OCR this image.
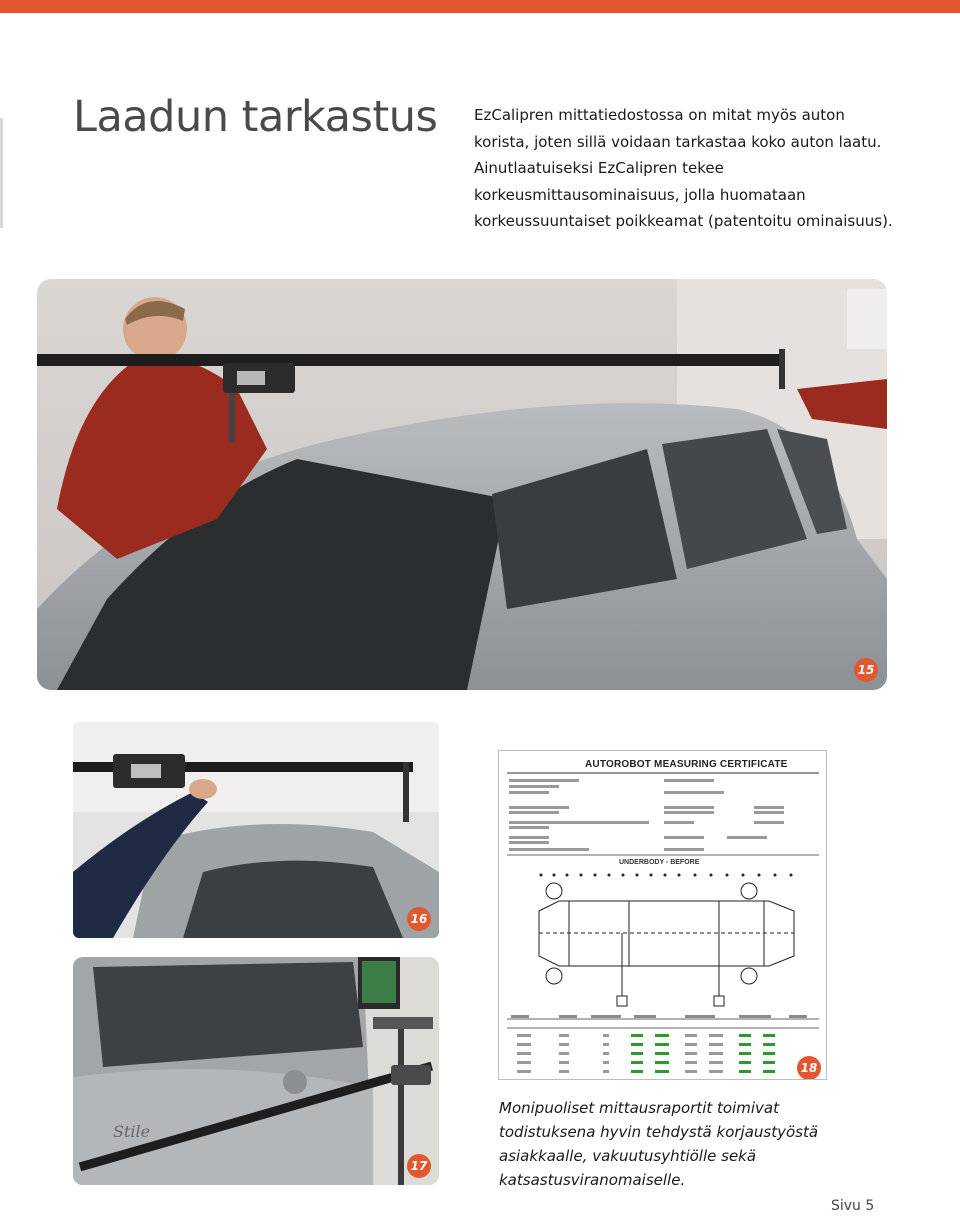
Laadun tarkastus EzCalipren mittatiedostossa on mitat myös auton korista, joten sillä voidaan tarkastaa koko auton laatu. Ainutlaatuiseksi EzCalipren tekee korkeusmittausominaisuus, jolla huomataan korkeussuuntaiset poikkeamat (patentoitu ominaisuus).

15
16
Stile
17
AUTOROBOT MEASURING CERTIFICATE
UNDERBODY - BEFORE
18

Monipuoliset mittausraportit toimivat todistuksena hyvin tehdystä korjaustyöstä asiakkaalle, vakuutusyhtiölle sekä katsastusviranomaiselle.

Sivu 5
